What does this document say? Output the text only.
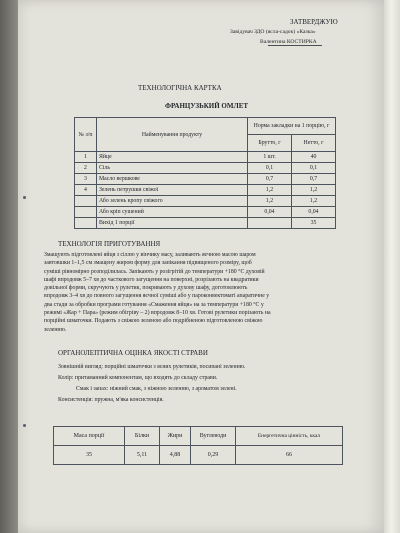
ЗАТВЕРДЖУЮ
Завідувач ЗДО (ясла-садок) «Казка»
Валентина КОСТИРКА
ТЕХНОЛОГІЧНА КАРТКА
ФРАНЦУЗЬКИЙ ОМЛЕТ
№ з/п	Найменування продукту	Норма закладки на 1 порцію, г	
		Брутто, г	Нетто, г
1	Яйце	1 шт.	40
2	Сіль	0,1	0,1
3	Масло вершкове	0,7	0,7
4	Зелень петрушки свіжої	1,2	1,2
	Або зелень кропу свіжого	1,2	1,2
	Або кріп сушений	0,04	0,04
	Вихід 1 порції		35
ТЕХНОЛОГІЯ ПРИГОТУВАННЯ
Змащують підготовлені яйця з сіллю у вінчику масу, заливають яєчною масою шаром
завтовшки 1–1,5 см змащену жиром форму для запікання підвищеного розміру, щоб
суміші рівномірно розподілилась. Запікають у розігрітій до температури +180 °С духовій
шафі впродовж 5–7 хв до часткового загущення на поверхні, розрізають на квадратики
довільної форми, скручують у рулетик, покривають у духову шафу, доготовлюють
впродовж 3–4 хв до повного загущення яєчної суміші або у пароконвектоматі апаратичне у
два стади за обробки програми готування «Смаження яйця» на за температури +180 °С у
режимі «Жар + Пара» (режим обігріву – 2) впродовж 8–10 хв. Готові рулетики порізають на
порційні шматочки. Подають з свіжою зеленою або подрібненою підготовленою свіжою
зеленню.
ОРГАНОЛЕПТИЧНА ОЦІНКА ЯКОСТІ СТРАВИ
Зовнішній вигляд: порційні шматочки з ясних рулетиків, посипані зеленню.
Колір: притаманний компонентам, що входять до складу страви.
Смак і запах: ніжний смак, з ніжною зеленню, з ароматом зелені.
Консистенція: пружна, м'яка консистенція.
Маса порції	Білки	Жири	Вуглеводи	Енергетична цінність, ккал
35	5,11	4,88	0,29	66
